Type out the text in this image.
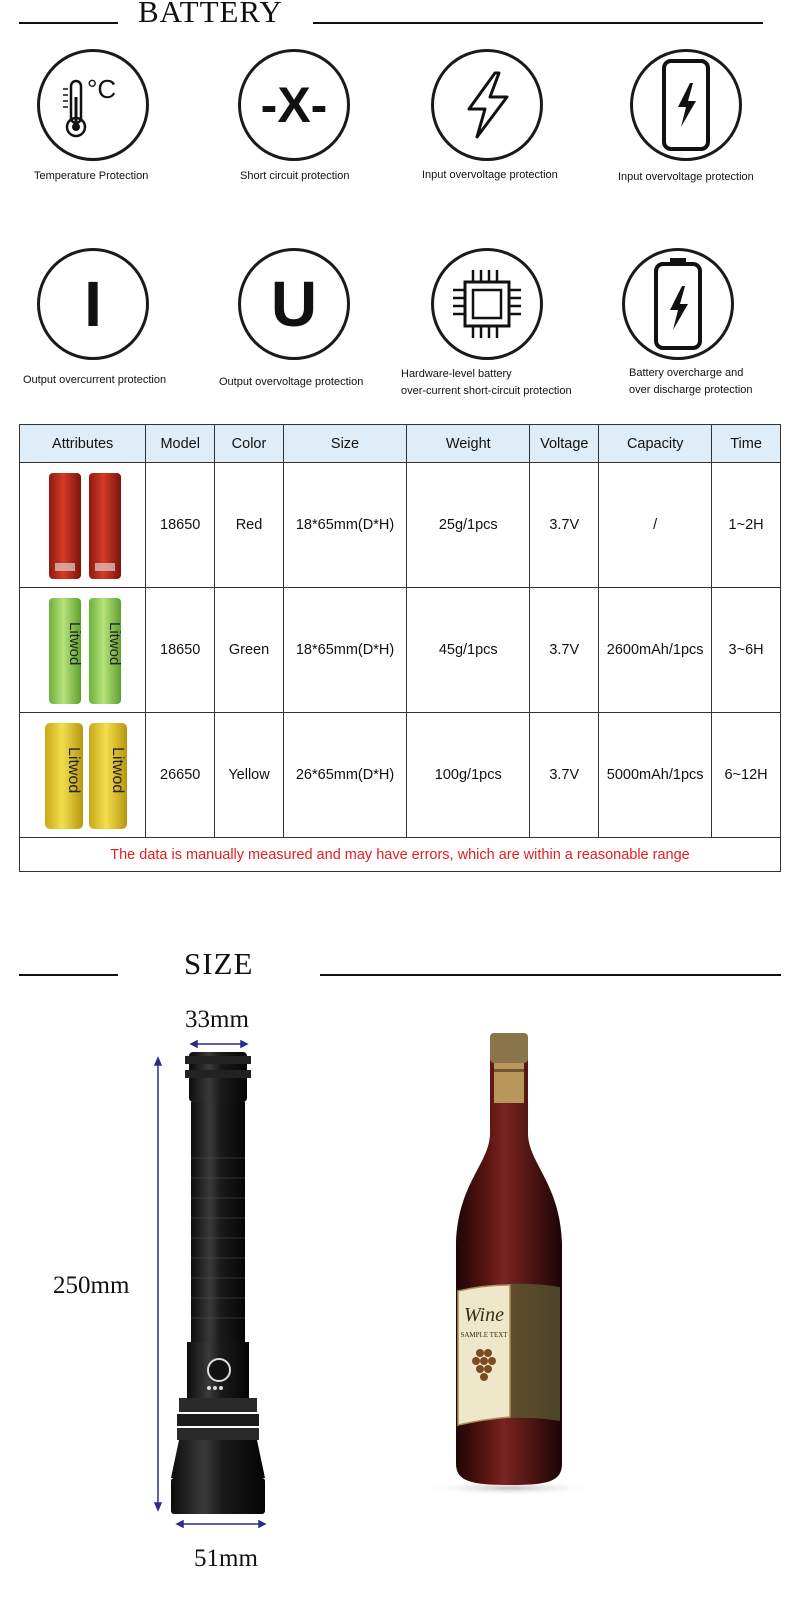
BATTERY
°C
Temperature Protection
-X-
Short circuit protection	Input overvoltage protection	Input overvoltage protection
I
Output overcurrent protection
U
Output overvoltage protection
Hardware-level battery
over-current short-circuit protection
Battery overcharge and
over discharge protection
Attributes	Model	Color	Size	Weight	Voltage	Capacity	Time

	18650	Red	18*65mm(D*H)	25g/1pcs	3.7V	/	1~2H

Litwod Litwod	18650	Green	18*65mm(D*H)	45g/1pcs	3.7V	2600mAh/1pcs	3~6H

Litwod Litwod	26650	Yellow	26*65mm(D*H)	100g/1pcs	3.7V	5000mAh/1pcs	6~12H
The data is manually measured and may have errors, which are within a reasonable range							
SIZE
33mm
250mm
51mm
Wine
SAMPLE TEXT
